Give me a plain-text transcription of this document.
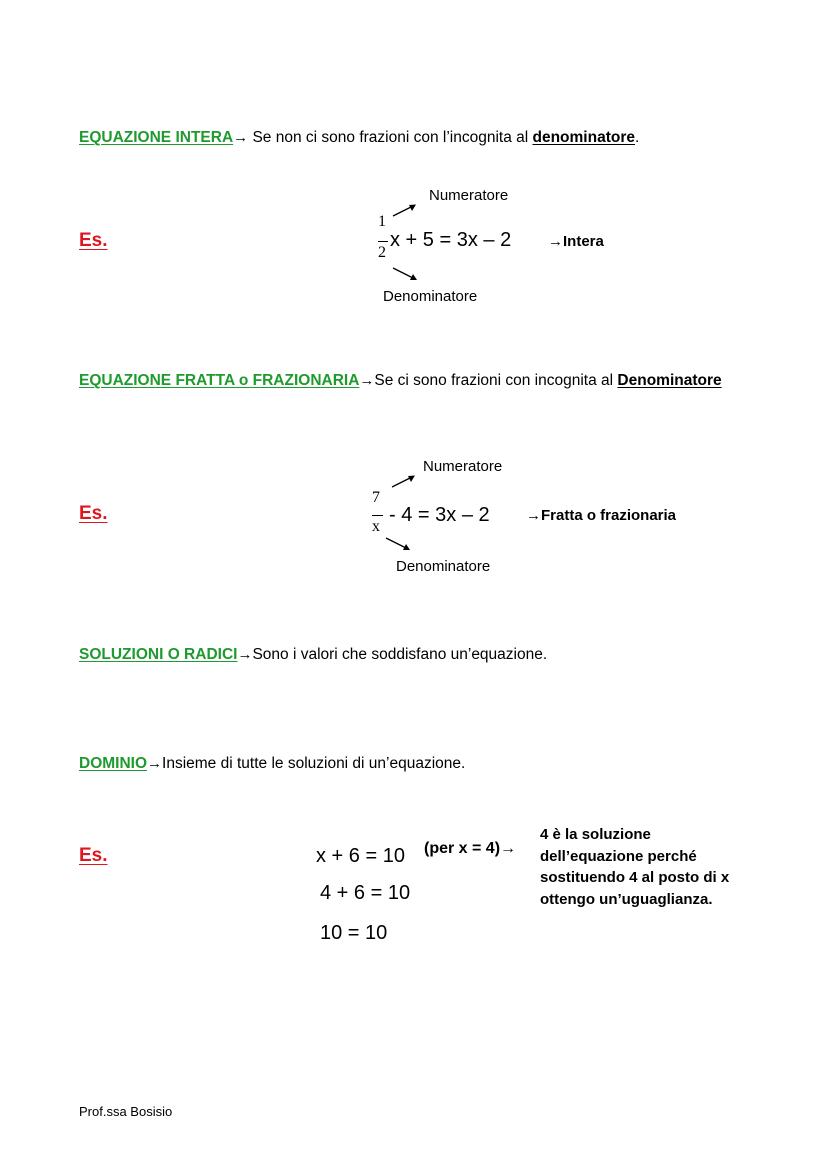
EQUAZIONE INTERA→ Se non ci sono frazioni con l’incognita al denominatore.
Es.
Numeratore
1
2
x + 5 = 3x – 2 →Intera
Denominatore
EQUAZIONE FRATTA o FRAZIONARIA→Se ci sono frazioni con incognita al Denominatore
Es.
Numeratore
7
x
- 4 = 3x – 2 →Fratta o frazionaria
Denominatore
SOLUZIONI O RADICI→Sono i valori che soddisfano un’equazione.
DOMINIO→Insieme di tutte le soluzioni di un’equazione.
Es.	x + 6 = 10 (per x = 4)→
4 + 6 = 10
10 = 10
4 è la soluzione
dell’equazione perché
sostituendo 4 al posto di x
ottengo un’uguaglianza.
Prof.ssa Bosisio
